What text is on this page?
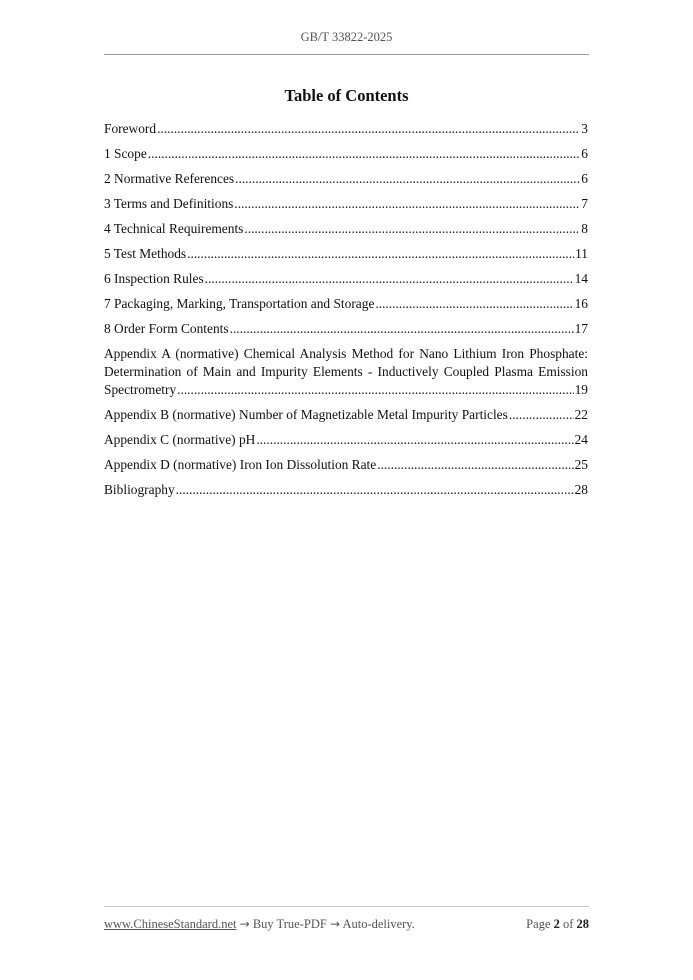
GB/T 33822-2025
Table of Contents
Foreword .....	3
1 Scope .....	6
2 Normative References .....	6
3 Terms and Definitions .....	7
4 Technical Requirements .....	8
5 Test Methods .....	11
6 Inspection Rules .....	14
7 Packaging, Marking, Transportation and Storage .....	16
8 Order Form Contents .....	17
Appendix A (normative) Chemical Analysis Method for Nano Lithium Iron Phosphate:
Determination of Main and Impurity Elements - Inductively Coupled Plasma Emission
Spectrometry .....	19
Appendix B (normative) Number of Magnetizable Metal Impurity Particles .....	22
Appendix C (normative) pH .....	24
Appendix D (normative) Iron Ion Dissolution Rate .....	25
Bibliography .....	28
www.ChineseStandard.net → Buy True-PDF → Auto-delivery.	Page 2 of 28
